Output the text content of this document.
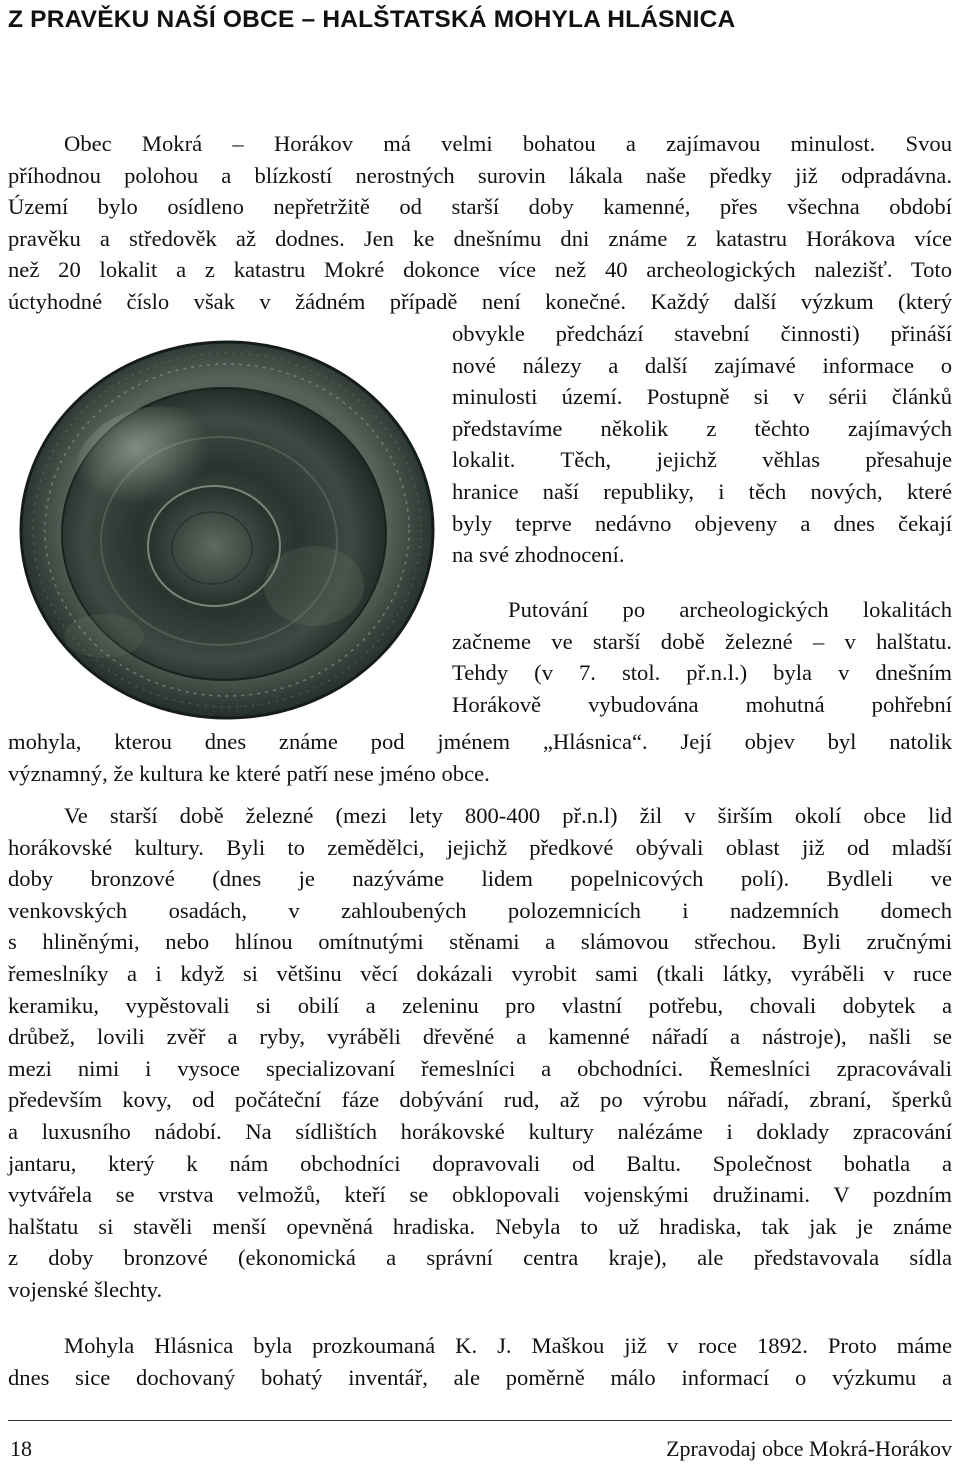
Z PRAVĚKU NAŠÍ OBCE – HALŠTATSKÁ MOHYLA HLÁSNICA
Obec Mokrá – Horákov má velmi bohatou a zajímavou minulost. Svou
příhodnou polohou a blízkostí nerostných surovin lákala naše předky již odpradávna.
Území bylo osídleno nepřetržitě od starší doby kamenné, přes všechna období
pravěku a středověk až dodnes. Jen ke dnešnímu dni známe z katastru Horákova více
než 20 lokalit a z katastru Mokré dokonce více než 40 archeologických nalezišť. Toto
úctyhodné číslo však v žádném případě není konečné. Každý další výzkum (který
obvykle předchází stavební činnosti) přináší
nové nálezy a další zajímavé informace o
minulosti území. Postupně si v sérii článků
představíme několik z těchto zajímavých
lokalit. Těch, jejichž věhlas přesahuje
hranice naší republiky, i těch nových, které
byly teprve nedávno objeveny a dnes čekají
na své zhodnocení.
Putování po archeologických lokalitách
začneme ve starší době železné – v halštatu.
Tehdy (v 7. stol. př.n.l.) byla v dnešním
Horákově vybudována mohutná pohřební
mohyla, kterou dnes známe pod jménem „Hlásnica“. Její objev byl natolik
významný, že kultura ke které patří nese jméno obce.
Ve starší době železné (mezi lety 800-400 př.n.l) žil v širším okolí obce lid
horákovské kultury. Byli to zemědělci, jejichž předkové obývali oblast již od mladší
doby bronzové (dnes je nazýváme lidem popelnicových polí). Bydleli ve
venkovských osadách, v zahloubených polozemnicích i nadzemních domech
s hliněnými, nebo hlínou omítnutými stěnami a slámovou střechou. Byli zručnými
řemeslníky a i když si většinu věcí dokázali vyrobit sami (tkali látky, vyráběli v ruce
keramiku, vypěstovali si obilí a zeleninu pro vlastní potřebu, chovali dobytek a
drůbež, lovili zvěř a ryby, vyráběli dřevěné a kamenné nářadí a nástroje), našli se
mezi nimi i vysoce specializovaní řemeslníci a obchodníci. Řemeslníci zpracovávali
především kovy, od počáteční fáze dobývání rud, až po výrobu nářadí, zbraní, šperků
a luxusního nádobí. Na sídlištích horákovské kultury nalézáme i doklady zpracování
jantaru, který k nám obchodníci dopravovali od Baltu. Společnost bohatla a
vytvářela se vrstva velmožů, kteří se obklopovali vojenskými družinami. V pozdním
halštatu si stavěli menší opevněná hradiska. Nebyla to už hradiska, tak jak je známe
z doby bronzové (ekonomická a správní centra kraje), ale představovala sídla
vojenské šlechty.
Mohyla Hlásnica byla prozkoumaná K. J. Maškou již v roce 1892. Proto máme
dnes sice dochovaný bohatý inventář, ale poměrně málo informací o výzkumu a
18	Zpravodaj obce Mokrá-Horákov
